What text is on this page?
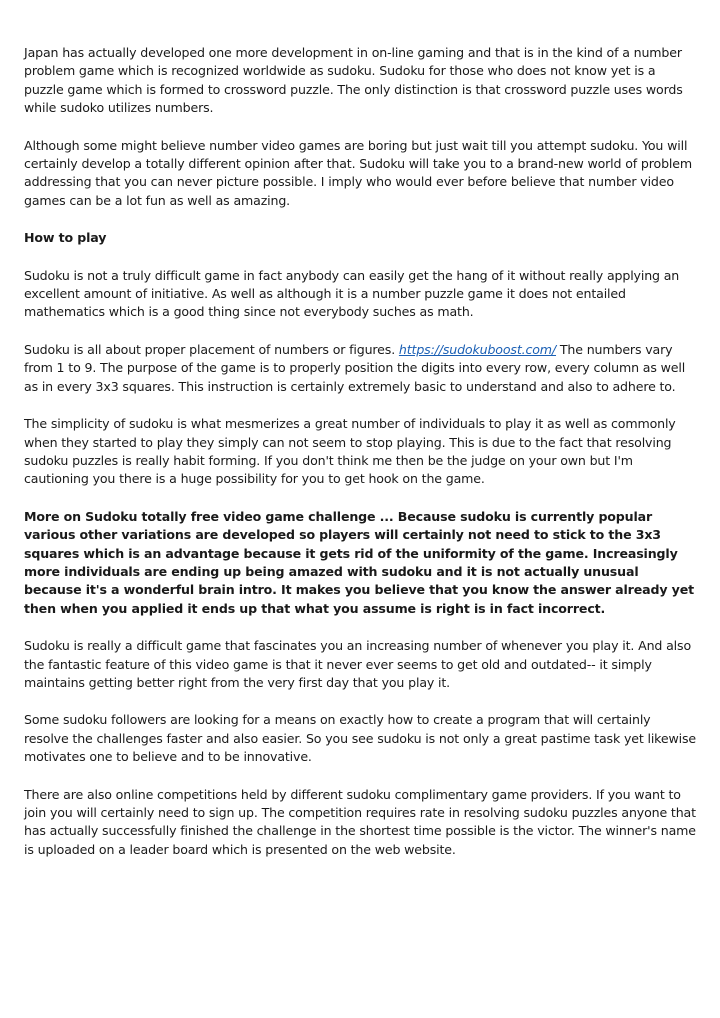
Japan has actually developed one more development in on-line gaming and that is in the kind of a number problem game which is recognized worldwide as sudoku. Sudoku for those who does not know yet is a puzzle game which is formed to crossword puzzle. The only distinction is that crossword puzzle uses words while sudoko utilizes numbers.

Although some might believe number video games are boring but just wait till you attempt sudoku. You will certainly develop a totally different opinion after that. Sudoku will take you to a brand-new world of problem addressing that you can never picture possible. I imply who would ever before believe that number video games can be a lot fun as well as amazing.

How to play

Sudoku is not a truly difficult game in fact anybody can easily get the hang of it without really applying an excellent amount of initiative. As well as although it is a number puzzle game it does not entailed mathematics which is a good thing since not everybody suches as math.

Sudoku is all about proper placement of numbers or figures. https://sudokuboost.com/ The numbers vary from 1 to 9. The purpose of the game is to properly position the digits into every row, every column as well as in every 3x3 squares. This instruction is certainly extremely basic to understand and also to adhere to.

The simplicity of sudoku is what mesmerizes a great number of individuals to play it as well as commonly when they started to play they simply can not seem to stop playing. This is due to the fact that resolving sudoku puzzles is really habit forming. If you don't think me then be the judge on your own but I'm cautioning you there is a huge possibility for you to get hook on the game.

More on Sudoku totally free video game challenge ... Because sudoku is currently popular various other variations are developed so players will certainly not need to stick to the 3x3 squares which is an advantage because it gets rid of the uniformity of the game. Increasingly more individuals are ending up being amazed with sudoku and it is not actually unusual because it's a wonderful brain intro. It makes you believe that you know the answer already yet then when you applied it ends up that what you assume is right is in fact incorrect.

Sudoku is really a difficult game that fascinates you an increasing number of whenever you play it. And also the fantastic feature of this video game is that it never ever seems to get old and outdated-- it simply maintains getting better right from the very first day that you play it.

Some sudoku followers are looking for a means on exactly how to create a program that will certainly resolve the challenges faster and also easier. So you see sudoku is not only a great pastime task yet likewise motivates one to believe and to be innovative.

There are also online competitions held by different sudoku complimentary game providers. If you want to join you will certainly need to sign up. The competition requires rate in resolving sudoku puzzles anyone that has actually successfully finished the challenge in the shortest time possible is the victor. The winner's name is uploaded on a leader board which is presented on the web website.
